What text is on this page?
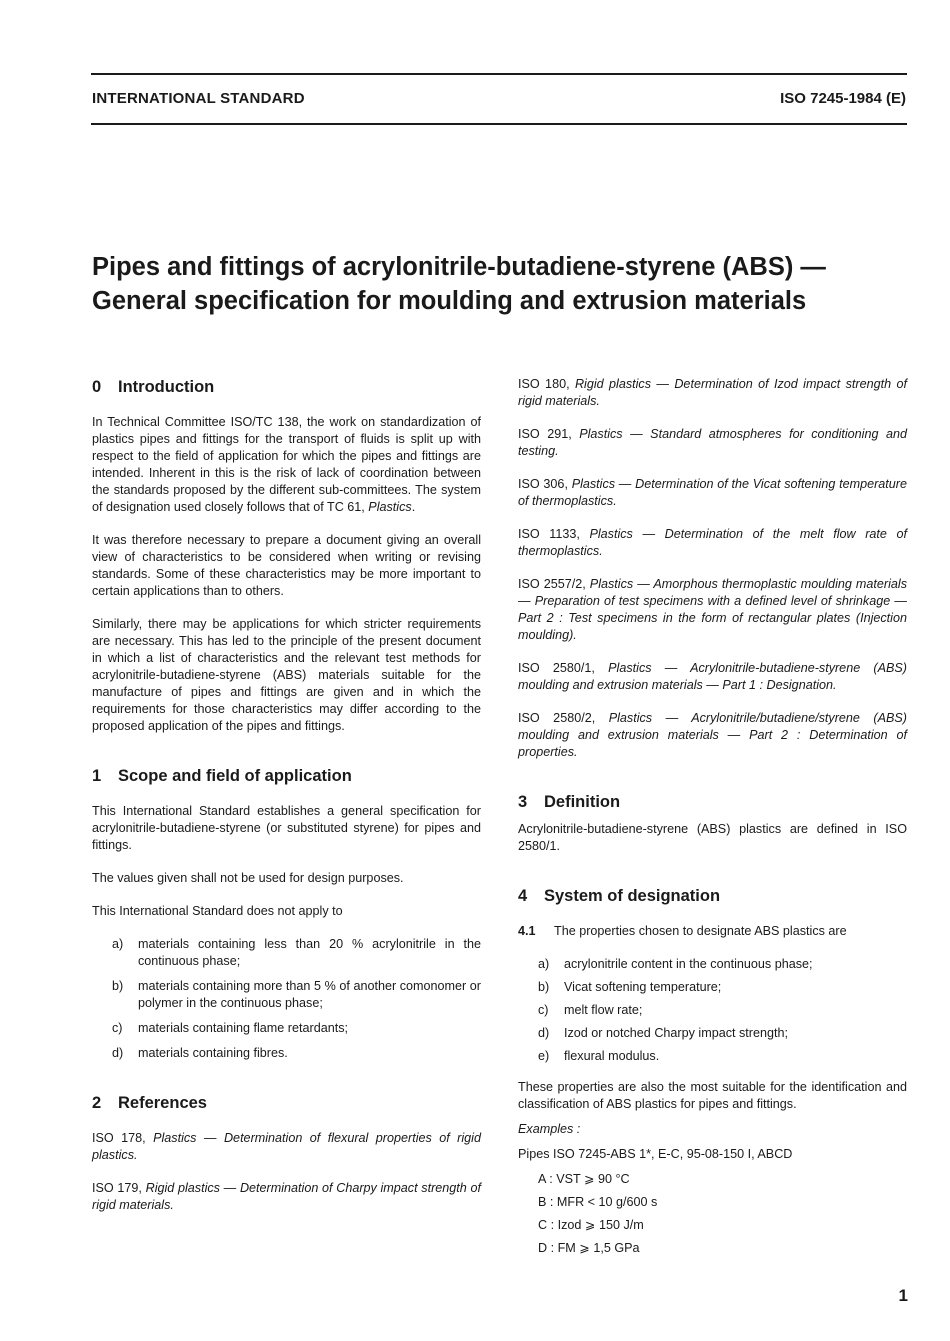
INTERNATIONAL STANDARD	ISO 7245-1984 (E)
Pipes and fittings of acrylonitrile-butadiene-styrene (ABS) —
General specification for moulding and extrusion materials
0 Introduction

In Technical Committee ISO/TC 138, the work on standardization of plastics pipes and fittings for the transport of fluids is split up with respect to the field of application for which the pipes and fittings are intended. Inherent in this is the risk of lack of coordination between the standards proposed by the different sub-committees. The system of designation used closely follows that of TC 61, Plastics.

It was therefore necessary to prepare a document giving an overall view of characteristics to be considered when writing or revising standards. Some of these characteristics may be more important to certain applications than to others.

Similarly, there may be applications for which stricter requirements are necessary. This has led to the principle of the present document in which a list of characteristics and the relevant test methods for acrylonitrile-butadiene-styrene (ABS) materials suitable for the manufacture of pipes and fittings are given and in which the requirements for those characteristics may differ according to the proposed application of the pipes and fittings.

1 Scope and field of application

This International Standard establishes a general specification for acrylonitrile-butadiene-styrene (or substituted styrene) for pipes and fittings.

The values given shall not be used for design purposes.

This International Standard does not apply to

a)	materials containing less than 20 % acrylonitrile in the continuous phase;
b)	materials containing more than 5 % of another comonomer or polymer in the continuous phase;
c)	materials containing flame retardants;
d)	materials containing fibres.
2 References

ISO 178, Plastics — Determination of flexural properties of rigid plastics.

ISO 179, Rigid plastics — Determination of Charpy impact strength of rigid materials.

ISO 180, Rigid plastics — Determination of Izod impact strength of rigid materials.

ISO 291, Plastics — Standard atmospheres for conditioning and testing.

ISO 306, Plastics — Determination of the Vicat softening temperature of thermoplastics.

ISO 1133, Plastics — Determination of the melt flow rate of thermoplastics.

ISO 2557/2, Plastics — Amorphous thermoplastic moulding materials — Preparation of test specimens with a defined level of shrinkage — Part 2 : Test specimens in the form of rectangular plates (Injection moulding).

ISO 2580/1, Plastics — Acrylonitrile-butadiene-styrene (ABS) moulding and extrusion materials — Part 1 : Designation.

ISO 2580/2, Plastics — Acrylonitrile/butadiene/styrene (ABS) moulding and extrusion materials — Part 2 : Determination of properties.

3 Definition

Acrylonitrile-butadiene-styrene (ABS) plastics are defined in ISO 2580/1.

4 System of designation

4.1 The properties chosen to designate ABS plastics are

a)	acrylonitrile content in the continuous phase;
b)	Vicat softening temperature;
c)	melt flow rate;
d)	Izod or notched Charpy impact strength;
e)	flexural modulus.

These properties are also the most suitable for the identification and classification of ABS plastics for pipes and fittings.

Examples :

Pipes ISO 7245-ABS 1*, E-C, 95-08-150 I, ABCD

A : VST ⩾ 90 °C
B : MFR < 10 g/600 s
C : Izod ⩾ 150 J/m
D : FM ⩾ 1,5 GPa
1
